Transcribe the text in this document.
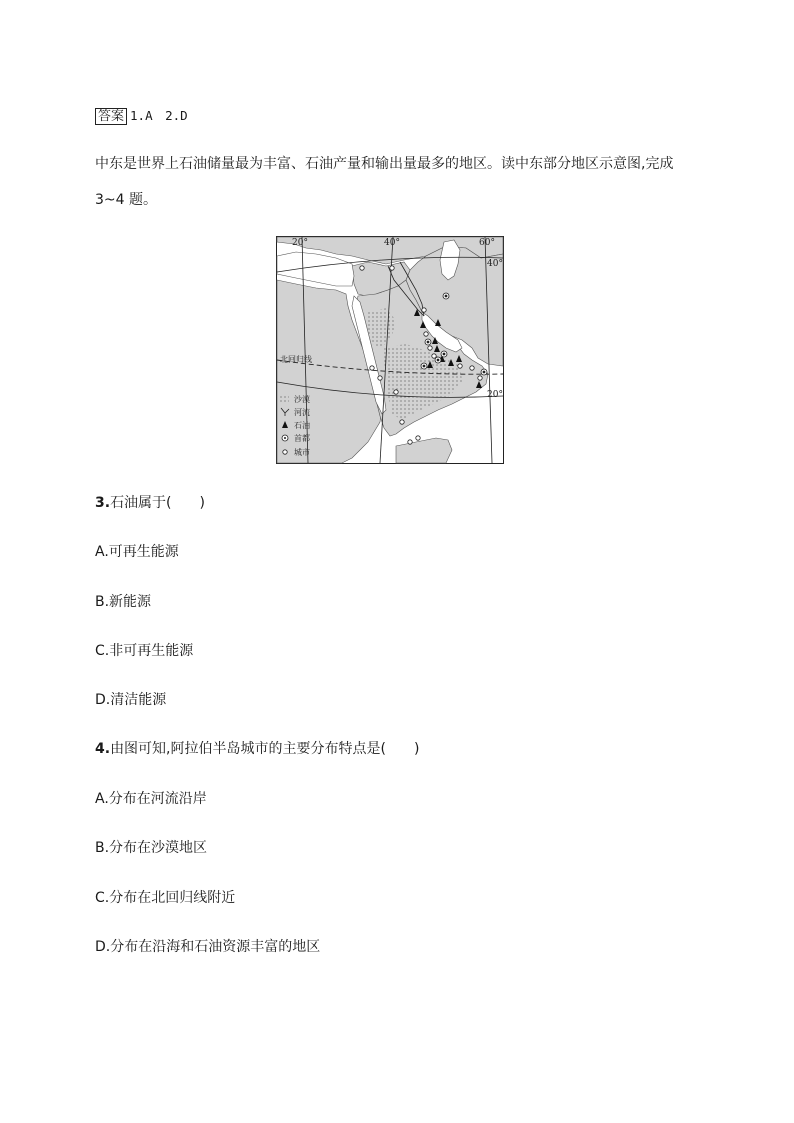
答案 1.A　2.D
中东是世界上石油储量最为丰富、石油产量和输出量最多的地区。读中东部分地区示意图,完成
3~4 题。
20°	40°	60°
40°
20°
北回归线
沙漠
河流
石油
首都
城市
3.石油属于(　　)
A.可再生能源
B.新能源
C.非可再生能源
D.清洁能源
4.由图可知,阿拉伯半岛城市的主要分布特点是(　　)
A.分布在河流沿岸
B.分布在沙漠地区
C.分布在北回归线附近
D.分布在沿海和石油资源丰富的地区
